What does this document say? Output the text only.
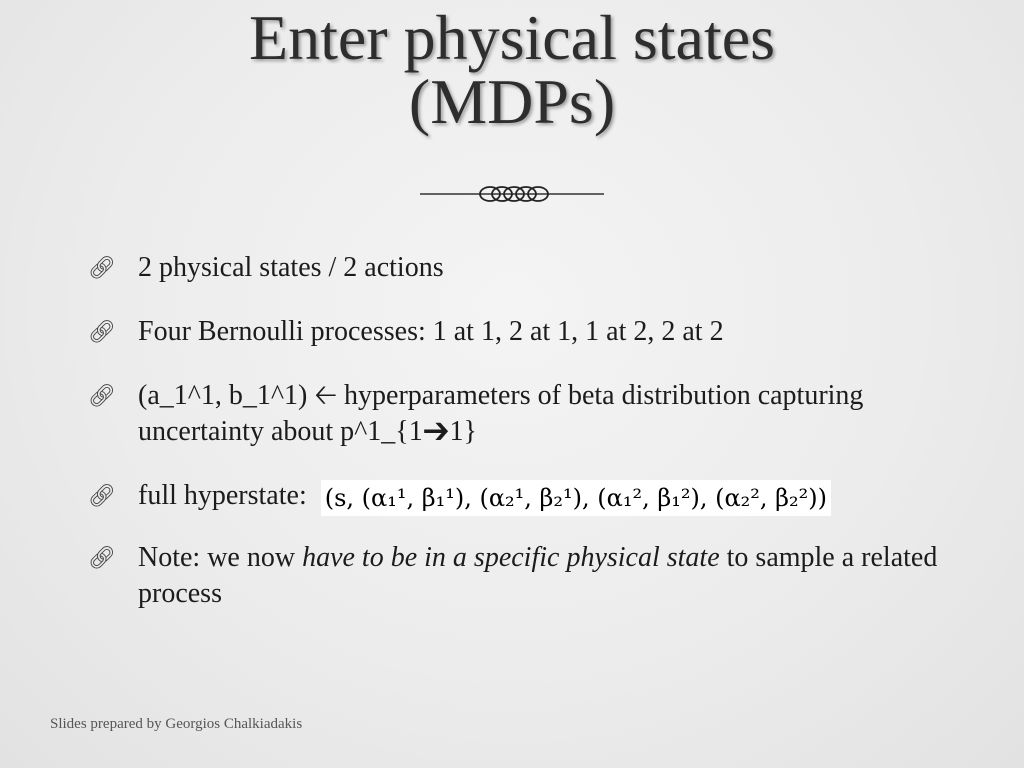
Enter physical states
(MDPs)
🔗︎ 2 physical states / 2 actions
🔗︎ Four Bernoulli processes: 1 at 1, 2 at 1, 1 at 2, 2 at 2
🔗︎ (a_1^1, b_1^1) 🡠 hyperparameters of beta distribution capturing uncertainty about p^1_{1➔1}
🔗︎ full hyperstate: (s, (α₁¹, β₁¹), (α₂¹, β₂¹), (α₁², β₁²), (α₂², β₂²))
🔗︎ Note: we now have to be in a specific physical state to sample a related process
Slides prepared by Georgios Chalkiadakis
